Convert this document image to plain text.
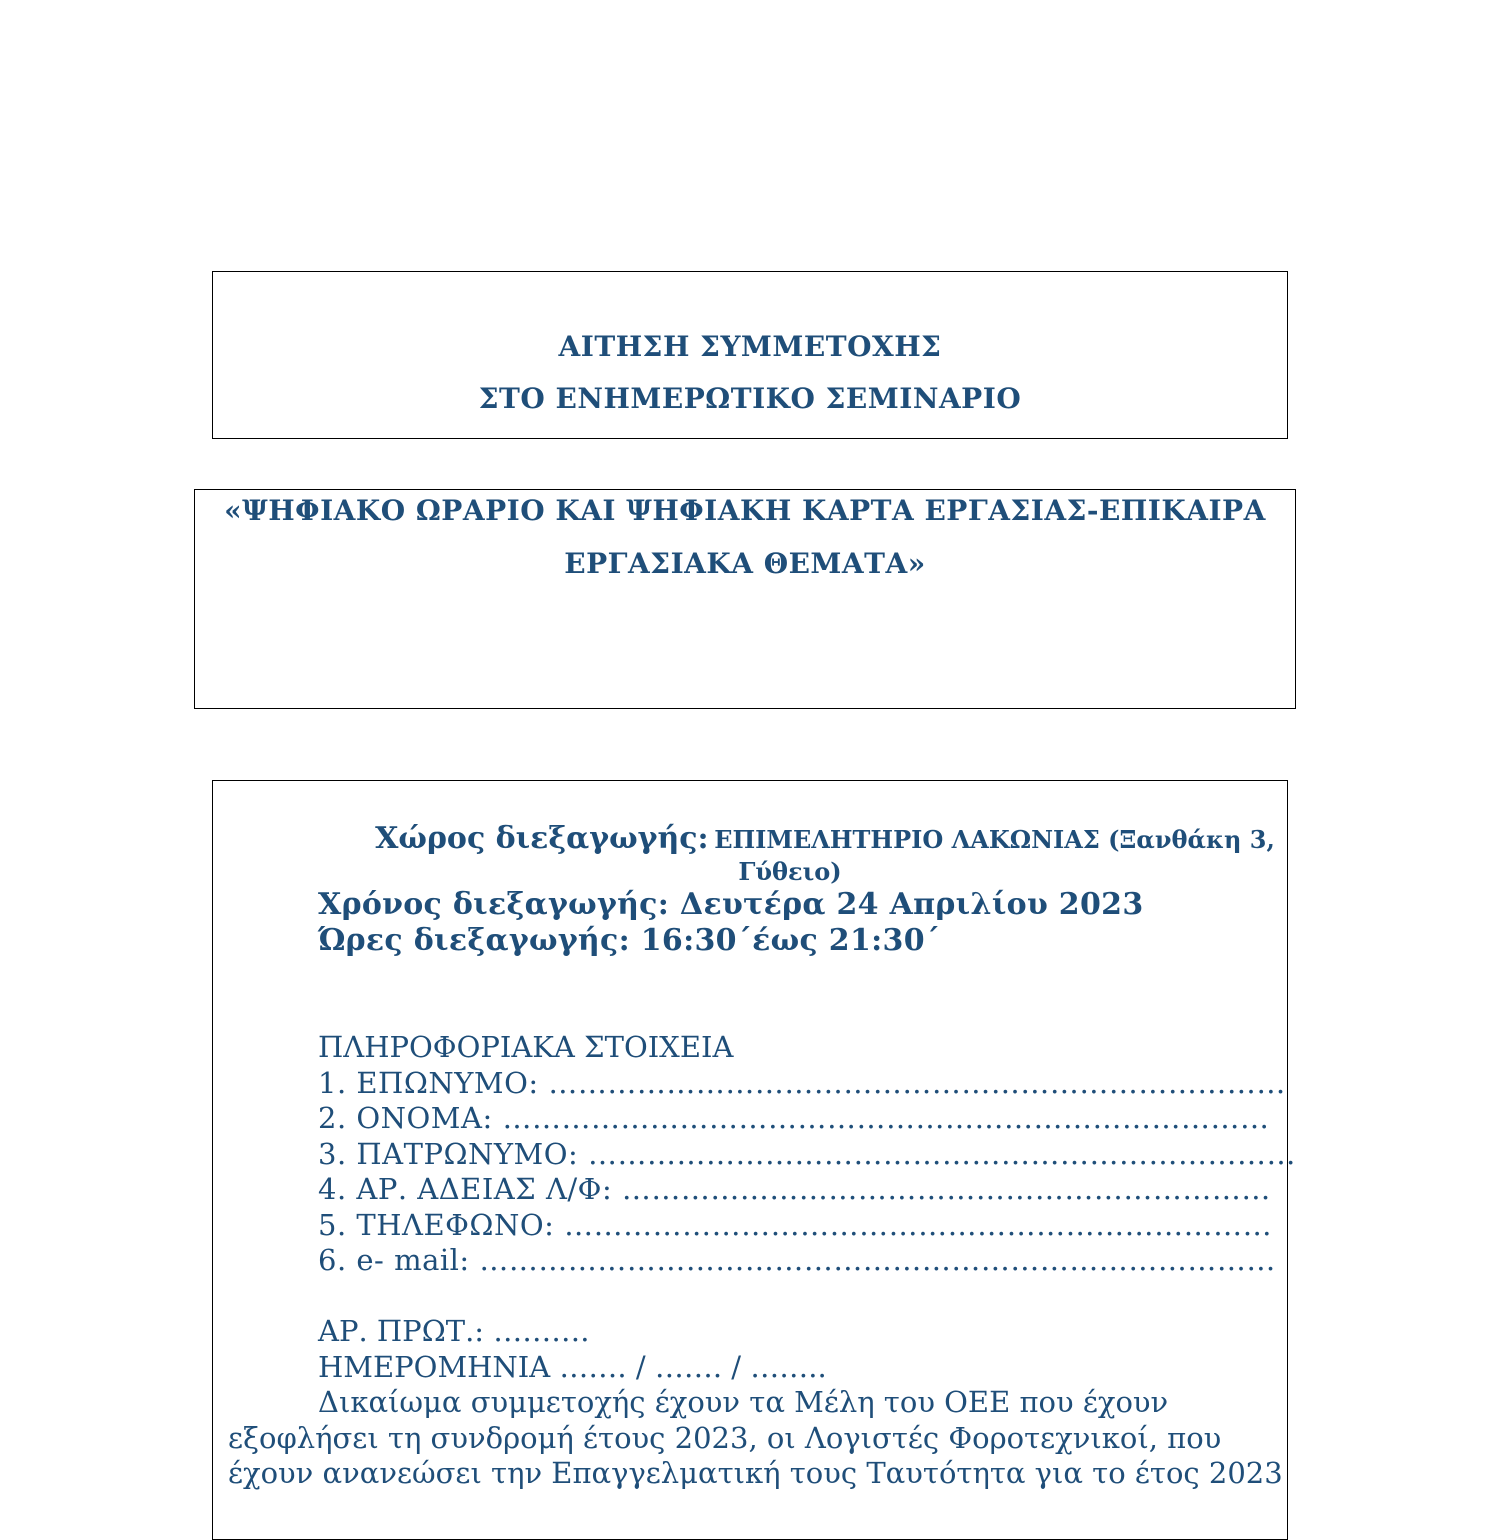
ΑΙΤΗΣΗ ΣΥΜΜΕΤΟΧΗΣ
ΣΤΟ ΕΝΗΜΕΡΩΤΙΚΟ ΣΕΜΙΝΑΡΙΟ
«ΨΗΦΙΑΚΟ ΩΡΑΡΙΟ ΚΑΙ ΨΗΦΙΑΚΗ ΚΑΡΤΑ ΕΡΓΑΣΙΑΣ-ΕΠΙΚΑΙΡΑ
ΕΡΓΑΣΙΑΚΑ ΘΕΜΑΤΑ»
Χώρος διεξαγωγής: ΕΠΙΜΕΛΗΤΗΡΙΟ ΛΑΚΩΝΙΑΣ (Ξανθάκη 3,
Γύθειο)
Χρόνος διεξαγωγής: Δευτέρα 24 Απριλίου 2023
Ώρες διεξαγωγής: 16:30΄έως 21:30΄
ΠΛΗΡΟΦΟΡΙΑΚΑ ΣΤΟΙΧΕΙΑ
1. ΕΠΩΝΥΜΟ: …………………………………………………………………
2. ΟΝΟΜΑ: ……………………………………………………………………
3. ΠΑΤΡΩΝΥΜΟ: ………………………………………………………………
4. ΑΡ. ΑΔΕΙΑΣ Λ/Φ: …………………………………………………………
5. ΤΗΛΕΦΩΝΟ: ………………………………………………………………
6. e- mail: ………………………………………………………………………
ΑΡ. ΠΡΩΤ.: ……….
ΗΜΕΡΟΜΗΝΙΑ ……. / ……. / ……..
Δικαίωμα συμμετοχής έχουν τα Μέλη του ΟΕΕ που έχουν
εξοφλήσει τη συνδρομή έτους 2023, οι Λογιστές Φοροτεχνικοί, που
έχουν ανανεώσει την Επαγγελματική τους Ταυτότητα για το έτος 2023
